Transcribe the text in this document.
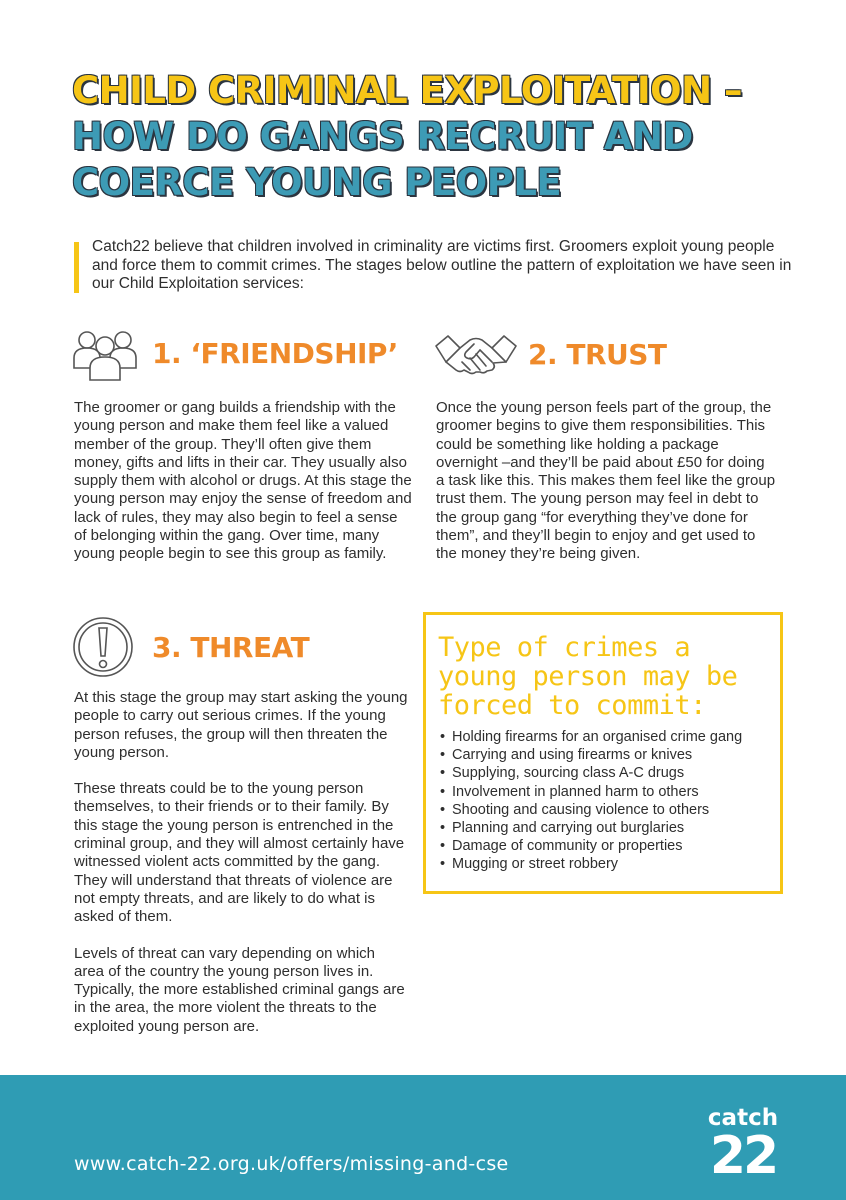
CHILD CRIMINAL EXPLOITATION –
HOW DO GANGS RECRUIT AND
COERCE YOUNG PEOPLE

Catch22 believe that children involved in criminality are victims first. Groomers exploit young people and force them to commit crimes. The stages below outline the pattern of exploitation we have seen in our Child Exploitation services:

1. ‘FRIENDSHIP’

The groomer or gang builds a friendship with the young person and make them feel like a valued member of the group. They’ll often give them money, gifts and lifts in their car. They usually also supply them with alcohol or drugs. At this stage the young person may enjoy the sense of freedom and lack of rules, they may also begin to feel a sense of belonging within the gang. Over time, many young people begin to see this group as family.

2. TRUST

Once the young person feels part of the group, the groomer begins to give them responsibilities. This could be something like holding a package overnight –and they’ll be paid about £50 for doing a task like this. This makes them feel like the group trust them. The young person may feel in debt to the group gang “for everything they’ve done for them”, and they’ll begin to enjoy and get used to the money they’re being given.

3. THREAT

At this stage the group may start asking the young people to carry out serious crimes. If the young person refuses, the group will then threaten the young person.

These threats could be to the young person themselves, to their friends or to their family. By this stage the young person is entrenched in the criminal group, and they will almost certainly have witnessed violent acts committed by the gang. They will understand that threats of violence are not empty threats, and are likely to do what is asked of them.

Levels of threat can vary depending on which area of the country the young person lives in. Typically, the more established criminal gangs are in the area, the more violent the threats to the exploited young person are.

Type of crimes a young person may be forced to commit:
• Holding firearms for an organised crime gang
• Carrying and using firearms or knives
• Supplying, sourcing class A-C drugs
• Involvement in planned harm to others
• Shooting and causing violence to others
• Planning and carrying out burglaries
• Damage of community or properties
• Mugging or street robbery
www.catch-22.org.uk/offers/missing-and-cse
catch
22
